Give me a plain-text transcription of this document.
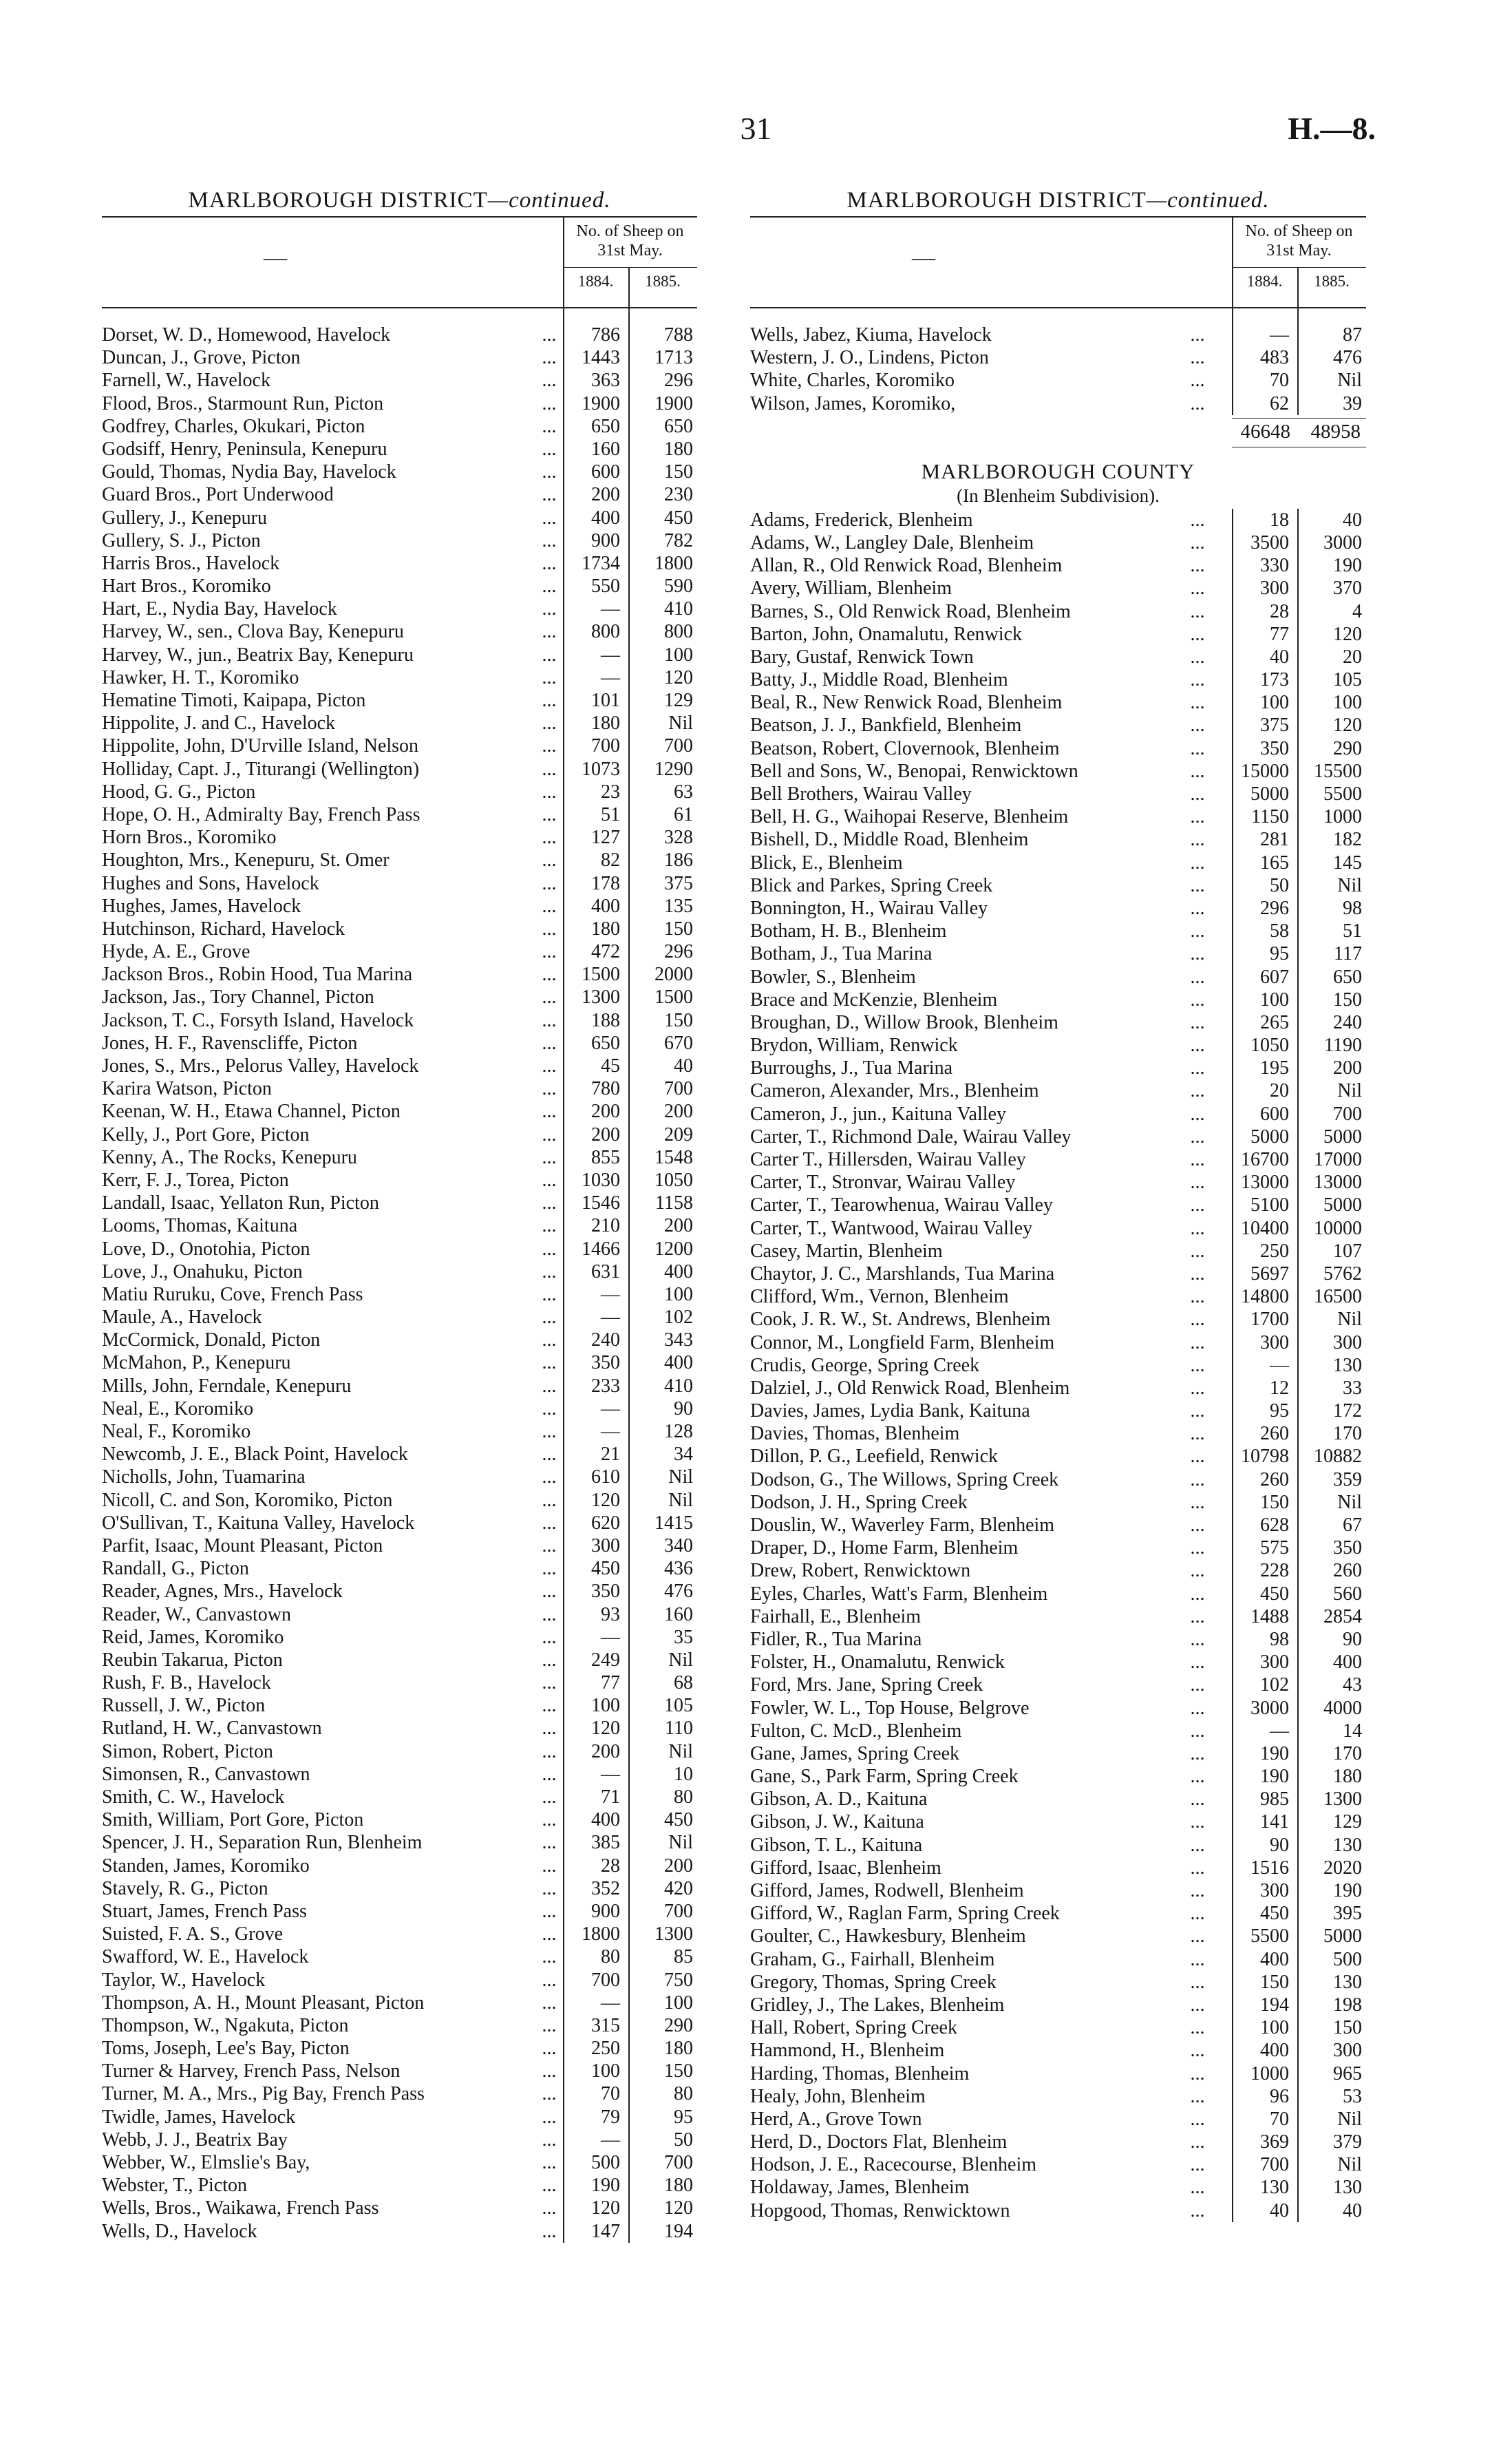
31	H.—8.
MARLBOROUGH DISTRICT—continued.
—
No. of Sheep on 31st May.
1884.	1885.
Dorset, W. D., Homewood, Havelock	...	786	788
Duncan, J., Grove, Picton	...	1443	1713
Farnell, W., Havelock	...	363	296
Flood, Bros., Starmount Run, Picton	...	1900	1900
Godfrey, Charles, Okukari, Picton	...	650	650
Godsiff, Henry, Peninsula, Kenepuru	...	160	180
Gould, Thomas, Nydia Bay, Havelock	...	600	150
Guard Bros., Port Underwood	...	200	230
Gullery, J., Kenepuru	...	400	450
Gullery, S. J., Picton	...	900	782
Harris Bros., Havelock	...	1734	1800
Hart Bros., Koromiko	...	550	590
Hart, E., Nydia Bay, Havelock	...	—	410
Harvey, W., sen., Clova Bay, Kenepuru	...	800	800
Harvey, W., jun., Beatrix Bay, Kenepuru	...	—	100
Hawker, H. T., Koromiko	...	—	120
Hematine Timoti, Kaipapa, Picton	...	101	129
Hippolite, J. and C., Havelock	...	180	Nil
Hippolite, John, D'Urville Island, Nelson	...	700	700
Holliday, Capt. J., Titurangi (Wellington)	...	1073	1290
Hood, G. G., Picton	...	23	63
Hope, O. H., Admiralty Bay, French Pass	...	51	61
Horn Bros., Koromiko	...	127	328
Houghton, Mrs., Kenepuru, St. Omer	...	82	186
Hughes and Sons, Havelock	...	178	375
Hughes, James, Havelock	...	400	135
Hutchinson, Richard, Havelock	...	180	150
Hyde, A. E., Grove	...	472	296
Jackson Bros., Robin Hood, Tua Marina	...	1500	2000
Jackson, Jas., Tory Channel, Picton	...	1300	1500
Jackson, T. C., Forsyth Island, Havelock	...	188	150
Jones, H. F., Ravenscliffe, Picton	...	650	670
Jones, S., Mrs., Pelorus Valley, Havelock	...	45	40
Karira Watson, Picton	...	780	700
Keenan, W. H., Etawa Channel, Picton	...	200	200
Kelly, J., Port Gore, Picton	...	200	209
Kenny, A., The Rocks, Kenepuru	...	855	1548
Kerr, F. J., Torea, Picton	...	1030	1050
Landall, Isaac, Yellaton Run, Picton	...	1546	1158
Looms, Thomas, Kaituna	...	210	200
Love, D., Onotohia, Picton	...	1466	1200
Love, J., Onahuku, Picton	...	631	400
Matiu Ruruku, Cove, French Pass	...	—	100
Maule, A., Havelock	...	—	102
McCormick, Donald, Picton	...	240	343
McMahon, P., Kenepuru	...	350	400
Mills, John, Ferndale, Kenepuru	...	233	410
Neal, E., Koromiko	...	—	90
Neal, F., Koromiko	...	—	128
Newcomb, J. E., Black Point, Havelock	...	21	34
Nicholls, John, Tuamarina	...	610	Nil
Nicoll, C. and Son, Koromiko, Picton	...	120	Nil
O'Sullivan, T., Kaituna Valley, Havelock	...	620	1415
Parfit, Isaac, Mount Pleasant, Picton	...	300	340
Randall, G., Picton	...	450	436
Reader, Agnes, Mrs., Havelock	...	350	476
Reader, W., Canvastown	...	93	160
Reid, James, Koromiko	...	—	35
Reubin Takarua, Picton	...	249	Nil
Rush, F. B., Havelock	...	77	68
Russell, J. W., Picton	...	100	105
Rutland, H. W., Canvastown	...	120	110
Simon, Robert, Picton	...	200	Nil
Simonsen, R., Canvastown	...	—	10
Smith, C. W., Havelock	...	71	80
Smith, William, Port Gore, Picton	...	400	450
Spencer, J. H., Separation Run, Blenheim	...	385	Nil
Standen, James, Koromiko	...	28	200
Stavely, R. G., Picton	...	352	420
Stuart, James, French Pass	...	900	700
Suisted, F. A. S., Grove	...	1800	1300
Swafford, W. E., Havelock	...	80	85
Taylor, W., Havelock	...	700	750
Thompson, A. H., Mount Pleasant, Picton	...	—	100
Thompson, W., Ngakuta, Picton	...	315	290
Toms, Joseph, Lee's Bay, Picton	...	250	180
Turner & Harvey, French Pass, Nelson	...	100	150
Turner, M. A., Mrs., Pig Bay, French Pass	...	70	80
Twidle, James, Havelock	...	79	95
Webb, J. J., Beatrix Bay	...	—	50
Webber, W., Elmslie's Bay,	...	500	700
Webster, T., Picton	...	190	180
Wells, Bros., Waikawa, French Pass	...	120	120
Wells, D., Havelock	...	147	194
MARLBOROUGH DISTRICT—continued.
—
No. of Sheep on 31st May.
1884.	1885.
Wells, Jabez, Kiuma, Havelock	...	—	87
Western, J. O., Lindens, Picton	...	483	476
White, Charles, Koromiko	...	70	Nil
Wilson, James, Koromiko,	...	62	39
46648	48958
MARLBOROUGH COUNTY
(In Blenheim Subdivision).
Adams, Frederick, Blenheim	...	18	40
Adams, W., Langley Dale, Blenheim	...	3500	3000
Allan, R., Old Renwick Road, Blenheim	...	330	190
Avery, William, Blenheim	...	300	370
Barnes, S., Old Renwick Road, Blenheim	...	28	4
Barton, John, Onamalutu, Renwick	...	77	120
Bary, Gustaf, Renwick Town	...	40	20
Batty, J., Middle Road, Blenheim	...	173	105
Beal, R., New Renwick Road, Blenheim	...	100	100
Beatson, J. J., Bankfield, Blenheim	...	375	120
Beatson, Robert, Clovernook, Blenheim	...	350	290
Bell and Sons, W., Benopai, Renwicktown	...	15000	15500
Bell Brothers, Wairau Valley	...	5000	5500
Bell, H. G., Waihopai Reserve, Blenheim	...	1150	1000
Bishell, D., Middle Road, Blenheim	...	281	182
Blick, E., Blenheim	...	165	145
Blick and Parkes, Spring Creek	...	50	Nil
Bonnington, H., Wairau Valley	...	296	98
Botham, H. B., Blenheim	...	58	51
Botham, J., Tua Marina	...	95	117
Bowler, S., Blenheim	...	607	650
Brace and McKenzie, Blenheim	...	100	150
Broughan, D., Willow Brook, Blenheim	...	265	240
Brydon, William, Renwick	...	1050	1190
Burroughs, J., Tua Marina	...	195	200
Cameron, Alexander, Mrs., Blenheim	...	20	Nil
Cameron, J., jun., Kaituna Valley	...	600	700
Carter, T., Richmond Dale, Wairau Valley	...	5000	5000
Carter T., Hillersden, Wairau Valley	...	16700	17000
Carter, T., Stronvar, Wairau Valley	...	13000	13000
Carter, T., Tearowhenua, Wairau Valley	...	5100	5000
Carter, T., Wantwood, Wairau Valley	...	10400	10000
Casey, Martin, Blenheim	...	250	107
Chaytor, J. C., Marshlands, Tua Marina	...	5697	5762
Clifford, Wm., Vernon, Blenheim	...	14800	16500
Cook, J. R. W., St. Andrews, Blenheim	...	1700	Nil
Connor, M., Longfield Farm, Blenheim	...	300	300
Crudis, George, Spring Creek	...	—	130
Dalziel, J., Old Renwick Road, Blenheim	...	12	33
Davies, James, Lydia Bank, Kaituna	...	95	172
Davies, Thomas, Blenheim	...	260	170
Dillon, P. G., Leefield, Renwick	...	10798	10882
Dodson, G., The Willows, Spring Creek	...	260	359
Dodson, J. H., Spring Creek	...	150	Nil
Douslin, W., Waverley Farm, Blenheim	...	628	67
Draper, D., Home Farm, Blenheim	...	575	350
Drew, Robert, Renwicktown	...	228	260
Eyles, Charles, Watt's Farm, Blenheim	...	450	560
Fairhall, E., Blenheim	...	1488	2854
Fidler, R., Tua Marina	...	98	90
Folster, H., Onamalutu, Renwick	...	300	400
Ford, Mrs. Jane, Spring Creek	...	102	43
Fowler, W. L., Top House, Belgrove	...	3000	4000
Fulton, C. McD., Blenheim	...	—	14
Gane, James, Spring Creek	...	190	170
Gane, S., Park Farm, Spring Creek	...	190	180
Gibson, A. D., Kaituna	...	985	1300
Gibson, J. W., Kaituna	...	141	129
Gibson, T. L., Kaituna	...	90	130
Gifford, Isaac, Blenheim	...	1516	2020
Gifford, James, Rodwell, Blenheim	...	300	190
Gifford, W., Raglan Farm, Spring Creek	...	450	395
Goulter, C., Hawkesbury, Blenheim	...	5500	5000
Graham, G., Fairhall, Blenheim	...	400	500
Gregory, Thomas, Spring Creek	...	150	130
Gridley, J., The Lakes, Blenheim	...	194	198
Hall, Robert, Spring Creek	...	100	150
Hammond, H., Blenheim	...	400	300
Harding, Thomas, Blenheim	...	1000	965
Healy, John, Blenheim	...	96	53
Herd, A., Grove Town	...	70	Nil
Herd, D., Doctors Flat, Blenheim	...	369	379
Hodson, J. E., Racecourse, Blenheim	...	700	Nil
Holdaway, James, Blenheim	...	130	130
Hopgood, Thomas, Renwicktown	...	40	40
